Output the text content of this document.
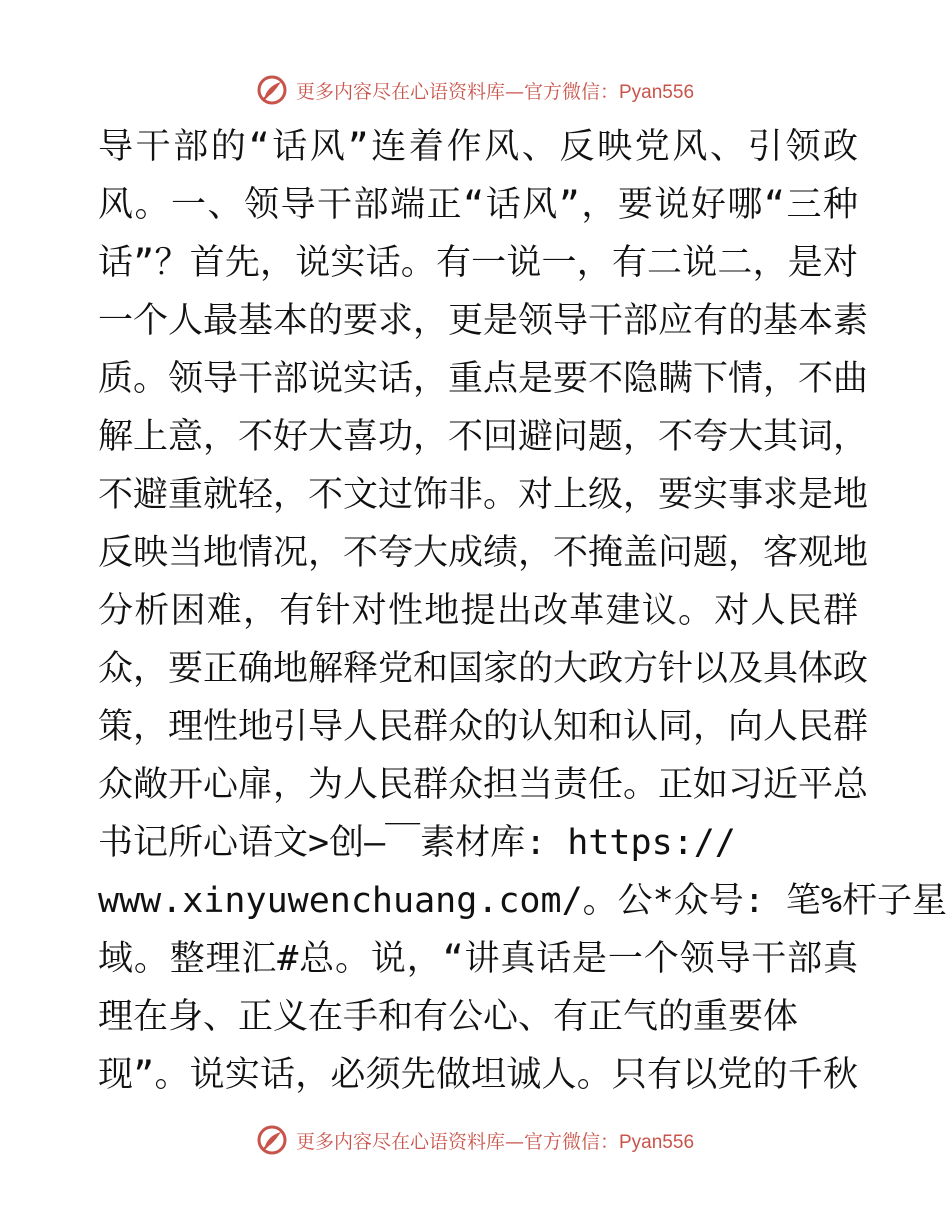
更多内容尽在心语资料库—官方微信：Pyan556
导干部的“话风”连着作风、反映党风、引领政
风。一、领导干部端正“话风”，要说好哪“三种
话”？首先，说实话。有一说一，有二说二，是对
一个人最基本的要求，更是领导干部应有的基本素
质。领导干部说实话，重点是要不隐瞒下情，不曲
解上意，不好大喜功，不回避问题，不夸大其词，
不避重就轻，不文过饰非。对上级，要实事求是地
反映当地情况，不夸大成绩，不掩盖问题，客观地
分析困难，有针对性地提出改革建议。对人民群
众，要正确地解释党和国家的大政方针以及具体政
策，理性地引导人民群众的认知和认同，向人民群
众敞开心扉，为人民群众担当责任。正如习近平总
书记所心语文>创—￣素材库: https://
www.xinyuwenchuang.com/。公*众号: 笔%杆子星
域。整理汇#总。说，“讲真话是一个领导干部真
理在身、正义在手和有公心、有正气的重要体
现”。说实话，必须先做坦诚人。只有以党的千秋
更多内容尽在心语资料库—官方微信：Pyan556
